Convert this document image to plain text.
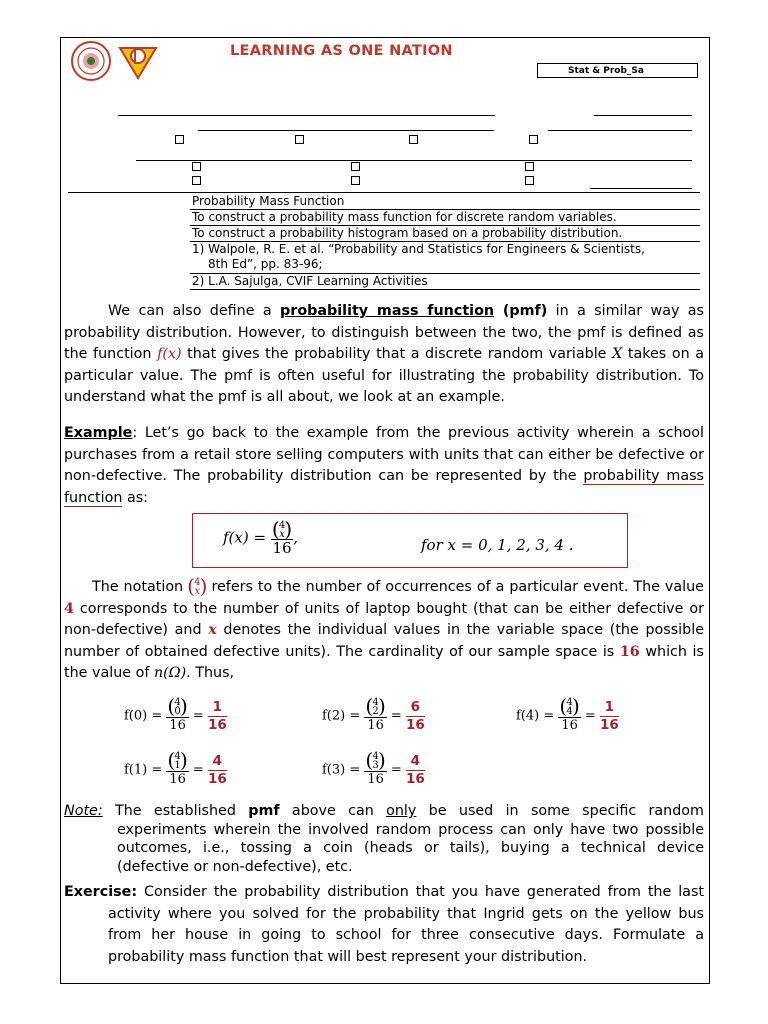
LEARNING AS ONE NATION
Stat & Prob_Sa
Probability Mass Function
To construct a probability mass function for discrete random variables.
To construct a probability histogram based on a probability distribution.
1) Walpole, R. E. et al. “Probability and Statistics for Engineers & Scientists,
8th Ed”, pp. 83-96;
2) L.A. Sajulga, CVIF Learning Activities
We can also define a probability mass function (pmf) in a similar way as probability distribution. However, to distinguish between the two, the pmf is defined as the function f(x) that gives the probability that a discrete random variable X takes on a particular value. The pmf is often useful for illustrating the probability distribution. To understand what the pmf is all about, we look at an example.
Example: Let’s go back to the example from the previous activity wherein a school purchases from a retail store selling computers with units that can either be defective or non-defective. The probability distribution can be represented by the probability mass function as:
f(x) = ( 4
x
)
16 ,	for x = 0, 1, 2, 3, 4 .
The notation ( 4
x
) refers to the number of occurrences of a particular event. The value 4 corresponds to the number of units of laptop bought (that can be either defective or non-defective) and x denotes the individual values in the variable space (the possible number of obtained defective units). The cardinality of our sample space is 16 which is the value of n(Ω). Thus,
f(0) = ( 4
0
)
$16 = \frac{1}{16}$	f(2) = ( 4
2
)
$16 = \frac{6}{16}$	f(4) = ( 4
4
)
$16 = \frac{1}{16}$
f(1) = ( 4
1
)
$16 = \frac{4}{16}$	f(3) = ( 4
3
)
$16 = \frac{4}{16}$
Note: The established pmf above can only be used in some specific random experiments wherein the involved random process can only have two possible outcomes, i.e., tossing a coin (heads or tails), buying a technical device (defective or non-defective), etc.
Exercise: Consider the probability distribution that you have generated from the last activity where you solved for the probability that Ingrid gets on the yellow bus from her house in going to school for three consecutive days. Formulate a probability mass function that will best represent your distribution.
